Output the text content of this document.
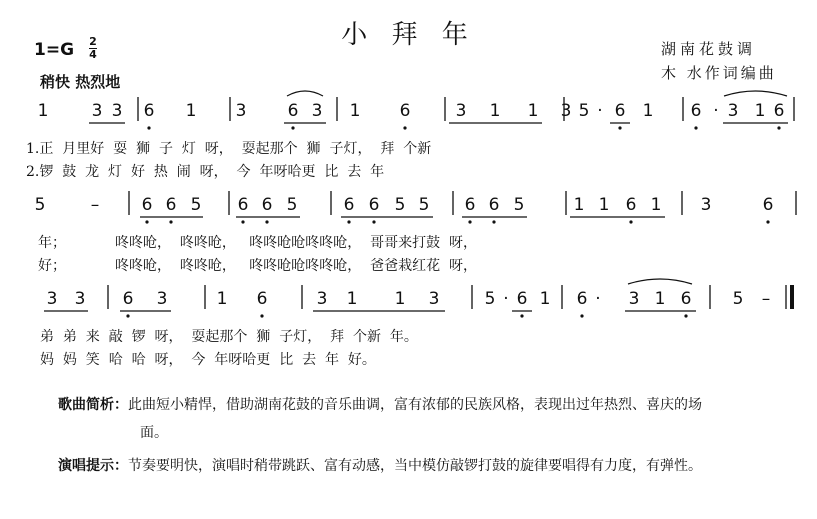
小 拜 年
1=G 2
4
稍快 热烈地
湖南花鼓调
木 水作词编曲
1	3 3 6 1 3 6 3 1 6	3 1 1 3 5 · 6 1 6 · 3 1 6
5	– 6 6 5 6 6 5	6 6 5 5 6 6 5	1 1 6 1 3	6
3 3 6 3	1 6	3 1 1 3	5 · 6 1 6 · 3 1 6 5 –
1.正  月里好  耍  狮  子  灯  呀，  耍起那个  狮  子灯，  拜  个新
2.锣  鼓  龙  灯  好  热  闹  呀，  今  年呀哈更  比  去  年
年；           咚咚呛，  咚咚呛，   咚咚呛呛咚咚呛，  哥哥来打鼓  呀，
好；           咚咚呛，  咚咚呛，   咚咚呛呛咚咚呛，  爸爸栽红花  呀，
弟  弟  来  敲  锣  呀，  耍起那个  狮  子灯，  拜  个新  年。
妈  妈  笑  哈  哈  呀，  今  年呀哈更  比  去  年  好。
歌曲简析：此曲短小精悍，借助湖南花鼓的音乐曲调，富有浓郁的民族风格，表现出过年热烈、喜庆的场
面。
演唱提示：节奏要明快，演唱时稍带跳跃、富有动感，当中模仿敲锣打鼓的旋律要唱得有力度，有弹性。
